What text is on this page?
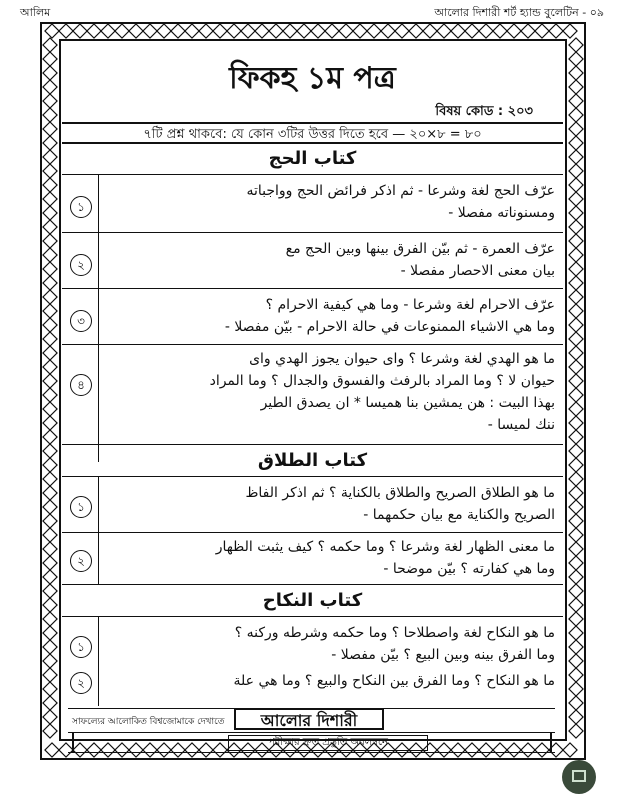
আলিম	আলোর দিশারী শর্ট হ্যান্ড বুলেটিন - ০৯
ফিকহ ১ম পত্র
বিষয় কোড : ২০৩
৭টি প্রশ্ন থাকবে: যে কোন ৩টির উত্তর দিতে হবে — ২০×৮ = ৮০
كتاب الحج
১
عرّف الحج لغة وشرعا - ثم اذكر فرائض الحج وواجباته
ومسنوناته مفصلا -
২
عرّف العمرة - ثم بيّن الفرق بينها وبين الحج مع
بيان معنى الاحصار مفصلا -
৩
عرّف الاحرام لغة وشرعا - وما هي كيفية الاحرام ؟
وما هي الاشياء الممنوعات في حالة الاحرام - بيّن مفصلا -
৪
ما هو الهدي لغة وشرعا ؟ واى حيوان يجوز الهدي واى
حيوان لا ؟ وما المراد بالرفث والفسوق والجدال ؟ وما المراد
بهذا البيت : هن يمشين بنا هميسا * ان يصدق الطير
ننك لميسا -
كتاب الطلاق
১
ما هو الطلاق الصريح والطلاق بالكناية ؟ ثم اذكر الفاظ
الصريح والكناية مع بيان حكمهما -
২
ما معنى الظهار لغة وشرعا ؟ وما حكمه ؟ كيف يثبت الظهار
وما هي كفارته ؟ بيّن موضحا -
كتاب النكاح
১
ما هو النكاح لغة واصطلاحا ؟ وما حكمه وشرطه وركنه ؟
وما الفرق بينه وبين البيع ؟ بيّن مفصلا -
২	ما هو النكاح ؟ وما الفرق بين النكاح والبيع ؟ وما هي علة
সাফল্যের আলোকিত বিশ্বজোমাকে দেখাতে	আলোর দিশারী
পরীক্ষার দ্রুত প্রস্তুতি অবলম্বনে
